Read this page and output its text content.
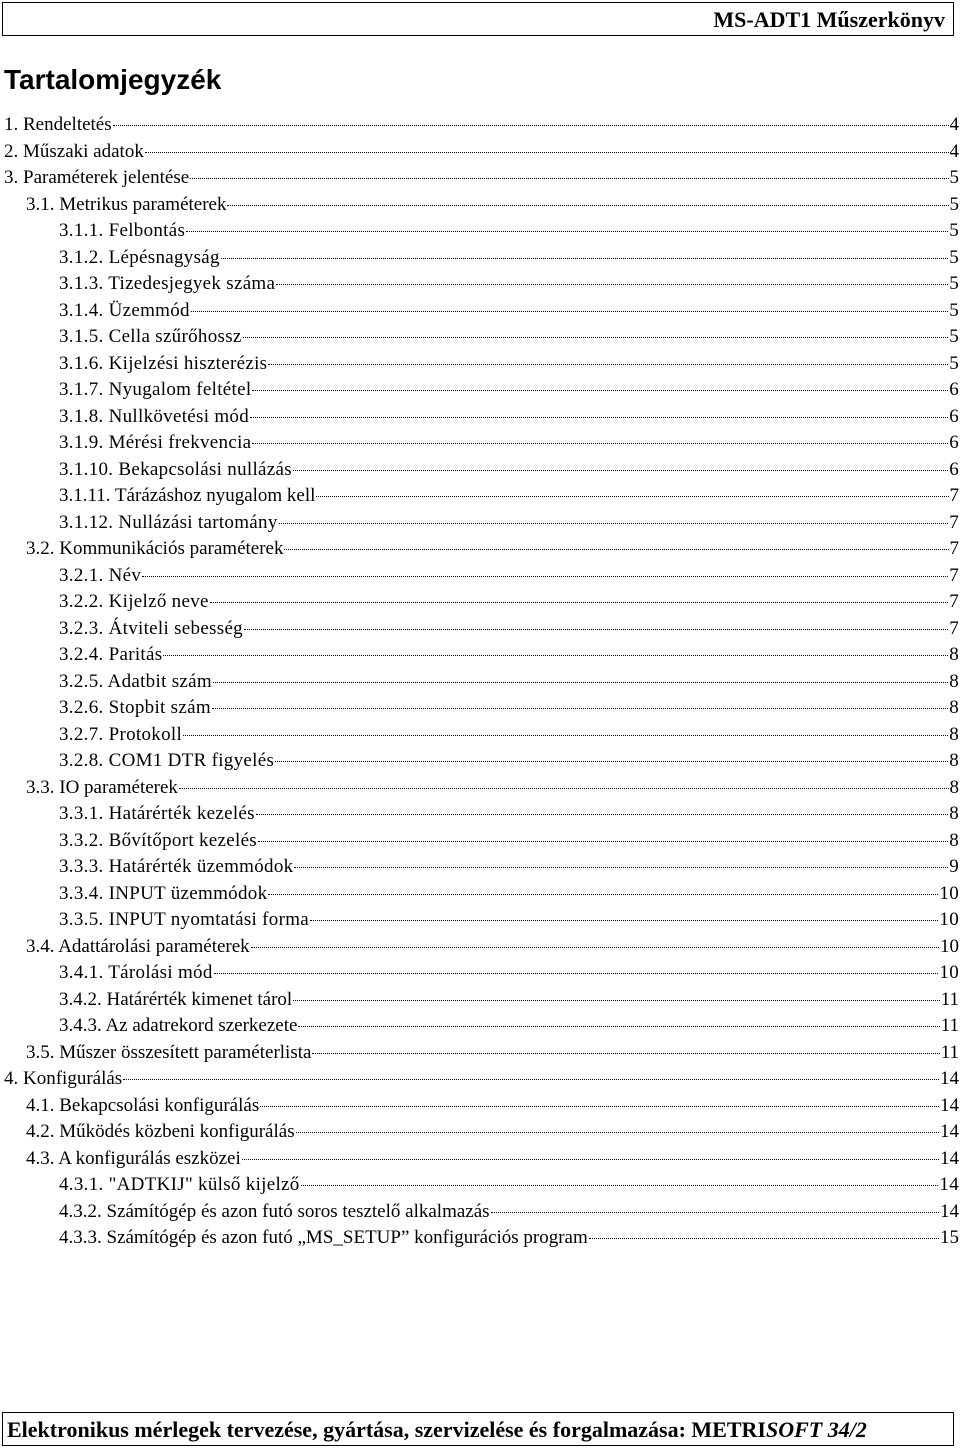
MS-ADT1 Műszerkönyv
Tartalomjegyzék
1. Rendeltetés	4
2. Műszaki adatok	4
3. Paraméterek jelentése	5
3.1. Metrikus paraméterek	5
3.1.1. Felbontás	5
3.1.2. Lépésnagyság	5
3.1.3. Tizedesjegyek száma	5
3.1.4. Üzemmód	5
3.1.5. Cella szűrőhossz	5
3.1.6. Kijelzési hiszterézis	5
3.1.7. Nyugalom feltétel	6
3.1.8. Nullkövetési mód	6
3.1.9. Mérési frekvencia	6
3.1.10. Bekapcsolási nullázás	6
3.1.11. Tárázáshoz nyugalom kell	7
3.1.12. Nullázási tartomány	7
3.2. Kommunikációs paraméterek	7
3.2.1. Név	7
3.2.2. Kijelző neve	7
3.2.3. Átviteli sebesség	7
3.2.4. Paritás	8
3.2.5. Adatbit szám	8
3.2.6. Stopbit szám	8
3.2.7. Protokoll	8
3.2.8. COM1 DTR figyelés	8
3.3. IO paraméterek	8
3.3.1. Határérték kezelés	8
3.3.2. Bővítőport kezelés	8
3.3.3. Határérték üzemmódok	9
3.3.4. INPUT üzemmódok	10
3.3.5. INPUT nyomtatási forma	10
3.4. Adattárolási paraméterek	10
3.4.1. Tárolási mód	10
3.4.2. Határérték kimenet tárol	11
3.4.3. Az adatrekord szerkezete	11
3.5. Műszer összesített paraméterlista	11
4. Konfigurálás	14
4.1. Bekapcsolási konfigurálás	14
4.2. Működés közbeni konfigurálás	14
4.3. A konfigurálás eszközei	14
4.3.1. "ADTKIJ" külső kijelző	14
4.3.2. Számítógép és azon futó soros tesztelő alkalmazás	14
4.3.3. Számítógép és azon futó „MS_SETUP” konfigurációs program	15
Elektronikus mérlegek tervezése, gyártása, szervizelése és forgalmazása: METRISOFT 34/2
